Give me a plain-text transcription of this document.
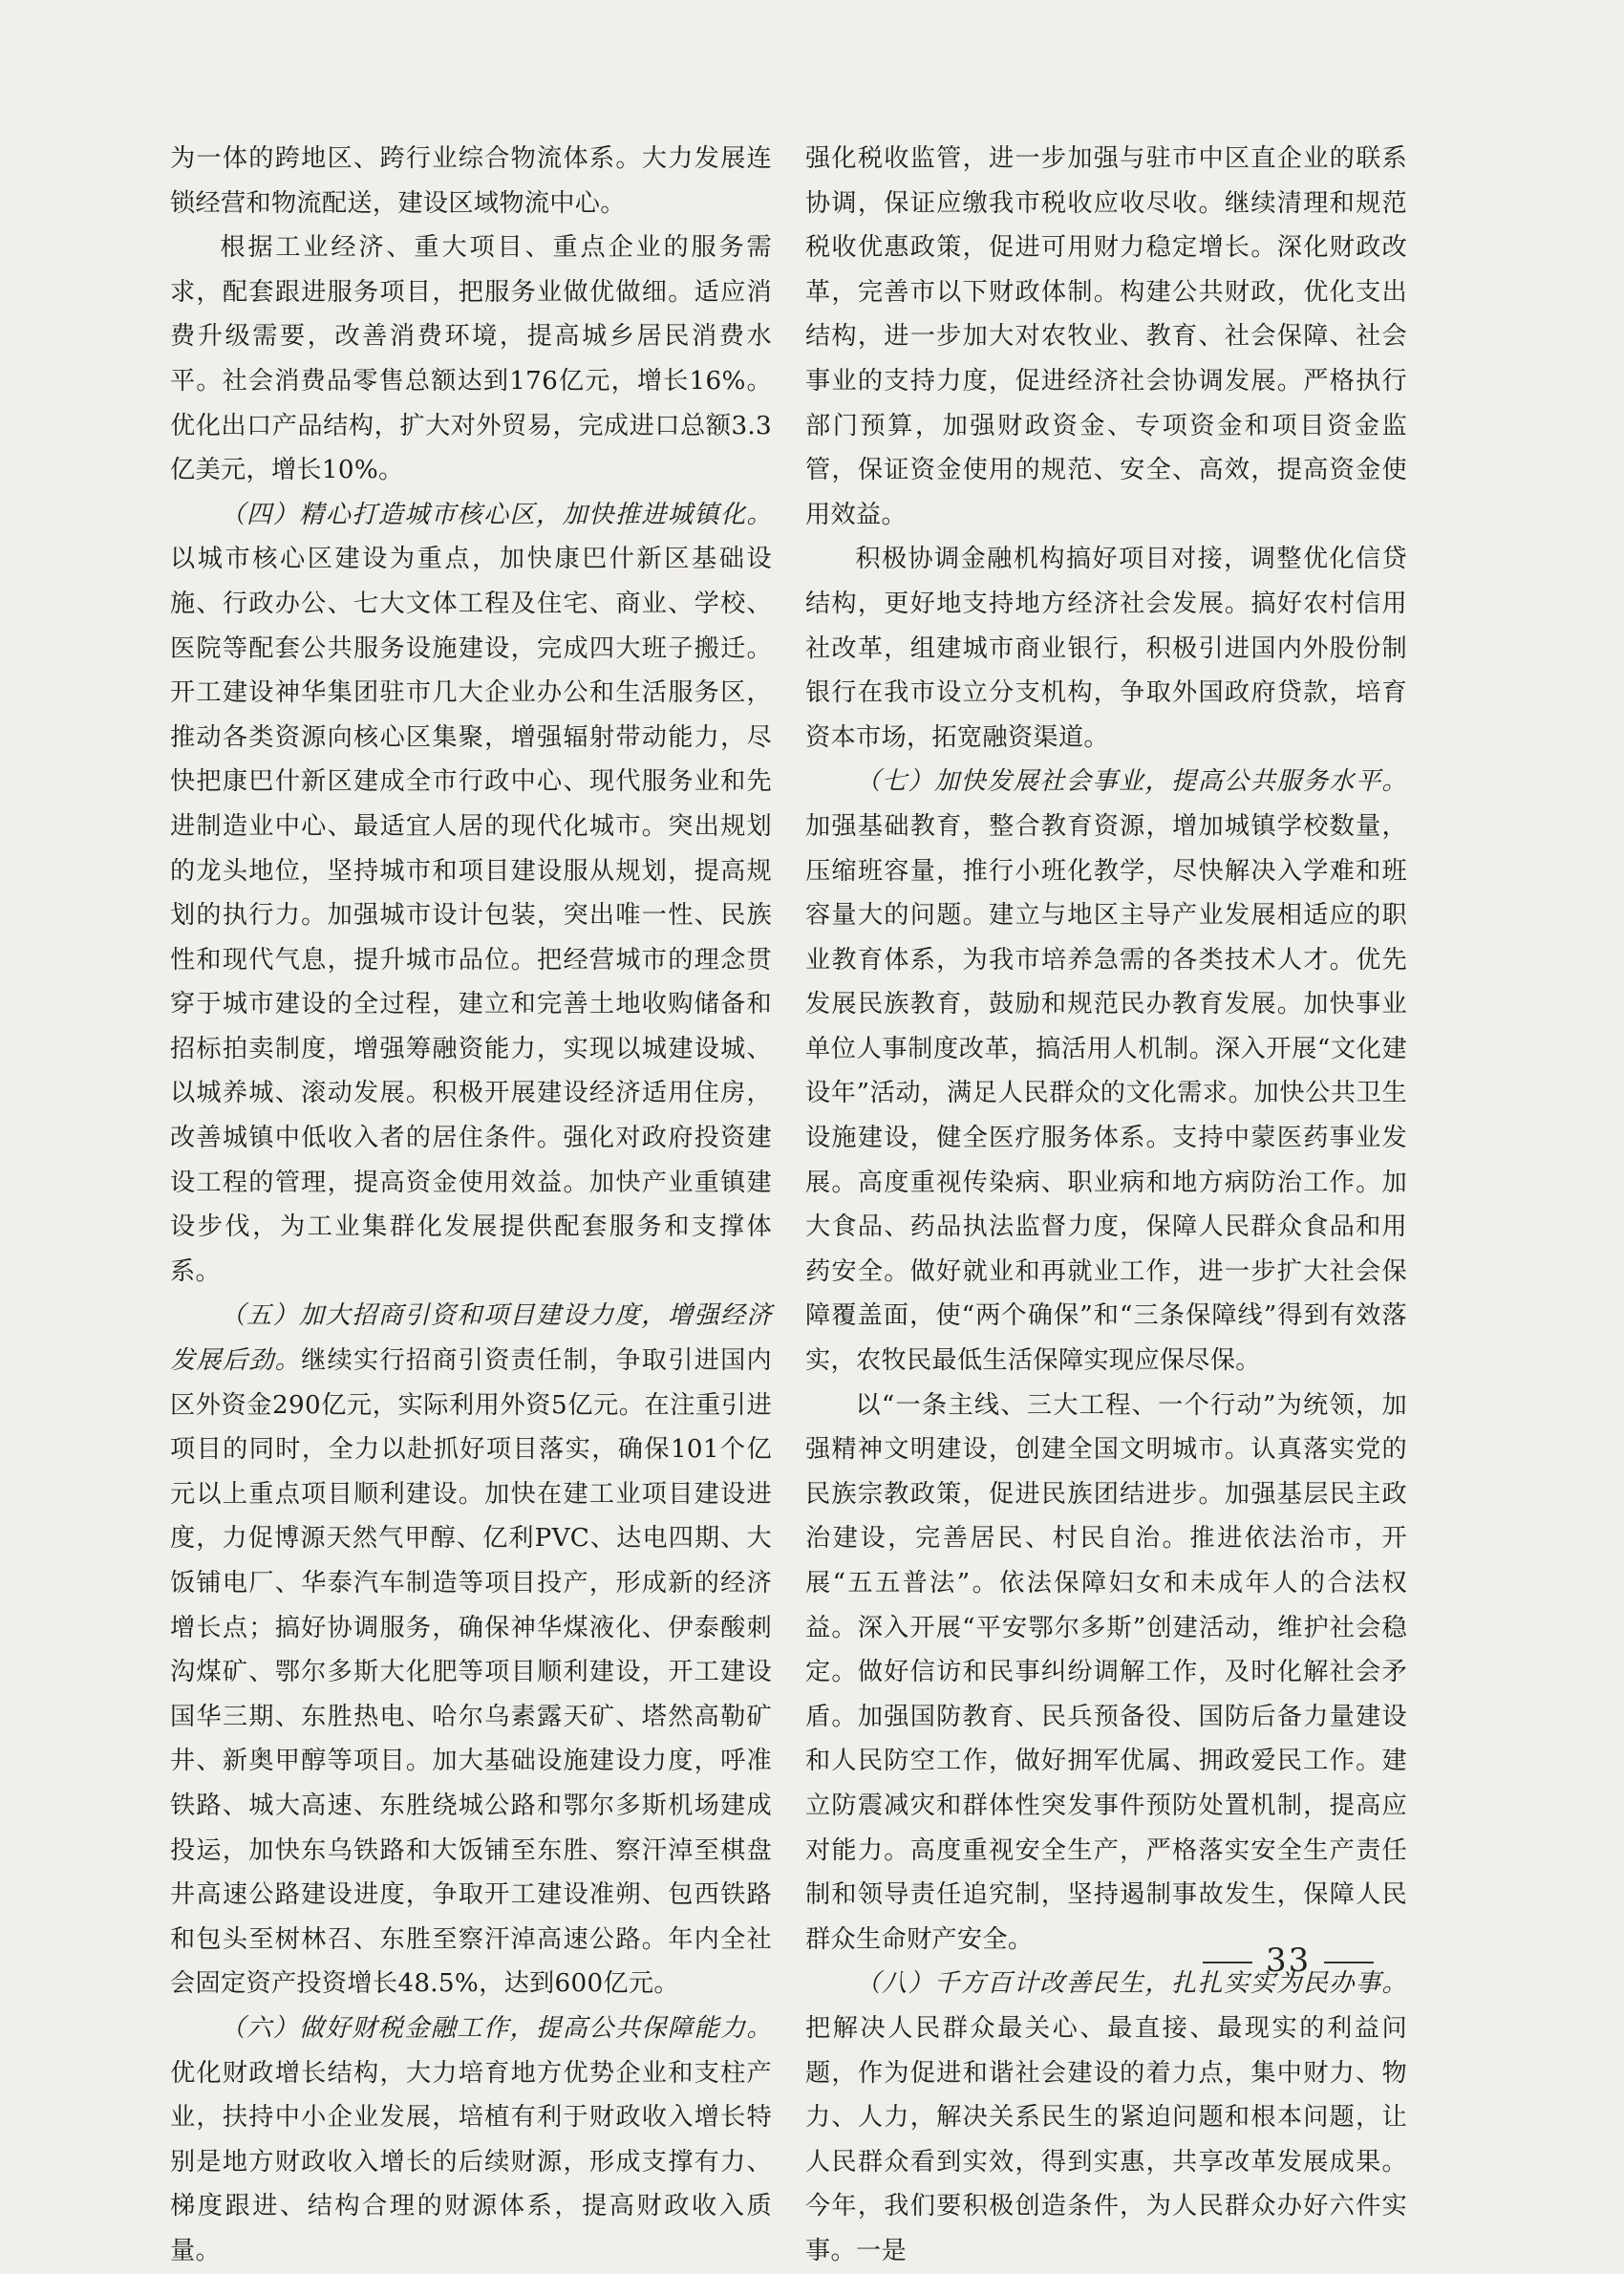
为一体的跨地区、跨行业综合物流体系。大力发展连锁经营和物流配送，建设区域物流中心。

根据工业经济、重大项目、重点企业的服务需求，配套跟进服务项目，把服务业做优做细。适应消费升级需要，改善消费环境，提高城乡居民消费水平。社会消费品零售总额达到176亿元，增长16%。优化出口产品结构，扩大对外贸易，完成进口总额3.3亿美元，增长10%。

（四）精心打造城市核心区，加快推进城镇化。以城市核心区建设为重点，加快康巴什新区基础设施、行政办公、七大文体工程及住宅、商业、学校、医院等配套公共服务设施建设，完成四大班子搬迁。开工建设神华集团驻市几大企业办公和生活服务区，推动各类资源向核心区集聚，增强辐射带动能力，尽快把康巴什新区建成全市行政中心、现代服务业和先进制造业中心、最适宜人居的现代化城市。突出规划的龙头地位，坚持城市和项目建设服从规划，提高规划的执行力。加强城市设计包装，突出唯一性、民族性和现代气息，提升城市品位。把经营城市的理念贯穿于城市建设的全过程，建立和完善土地收购储备和招标拍卖制度，增强筹融资能力，实现以城建设城、以城养城、滚动发展。积极开展建设经济适用住房，改善城镇中低收入者的居住条件。强化对政府投资建设工程的管理，提高资金使用效益。加快产业重镇建设步伐，为工业集群化发展提供配套服务和支撑体系。

（五）加大招商引资和项目建设力度，增强经济发展后劲。继续实行招商引资责任制，争取引进国内区外资金290亿元，实际利用外资5亿元。在注重引进项目的同时，全力以赴抓好项目落实，确保101个亿元以上重点项目顺利建设。加快在建工业项目建设进度，力促博源天然气甲醇、亿利PVC、达电四期、大饭铺电厂、华泰汽车制造等项目投产，形成新的经济增长点；搞好协调服务，确保神华煤液化、伊泰酸刺沟煤矿、鄂尔多斯大化肥等项目顺利建设，开工建设国华三期、东胜热电、哈尔乌素露天矿、塔然高勒矿井、新奥甲醇等项目。加大基础设施建设力度，呼准铁路、城大高速、东胜绕城公路和鄂尔多斯机场建成投运，加快东乌铁路和大饭铺至东胜、察汗淖至棋盘井高速公路建设进度，争取开工建设准朔、包西铁路和包头至树林召、东胜至察汗淖高速公路。年内全社会固定资产投资增长48.5%，达到600亿元。

（六）做好财税金融工作，提高公共保障能力。优化财政增长结构，大力培育地方优势企业和支柱产业，扶持中小企业发展，培植有利于财政收入增长特别是地方财政收入增长的后续财源，形成支撑有力、梯度跟进、结构合理的财源体系，提高财政收入质量。

强化税收监管，进一步加强与驻市中区直企业的联系协调，保证应缴我市税收应收尽收。继续清理和规范税收优惠政策，促进可用财力稳定增长。深化财政改革，完善市以下财政体制。构建公共财政，优化支出结构，进一步加大对农牧业、教育、社会保障、社会事业的支持力度，促进经济社会协调发展。严格执行部门预算，加强财政资金、专项资金和项目资金监管，保证资金使用的规范、安全、高效，提高资金使用效益。

积极协调金融机构搞好项目对接，调整优化信贷结构，更好地支持地方经济社会发展。搞好农村信用社改革，组建城市商业银行，积极引进国内外股份制银行在我市设立分支机构，争取外国政府贷款，培育资本市场，拓宽融资渠道。

（七）加快发展社会事业，提高公共服务水平。加强基础教育，整合教育资源，增加城镇学校数量，压缩班容量，推行小班化教学，尽快解决入学难和班容量大的问题。建立与地区主导产业发展相适应的职业教育体系，为我市培养急需的各类技术人才。优先发展民族教育，鼓励和规范民办教育发展。加快事业单位人事制度改革，搞活用人机制。深入开展“文化建设年”活动，满足人民群众的文化需求。加快公共卫生设施建设，健全医疗服务体系。支持中蒙医药事业发展。高度重视传染病、职业病和地方病防治工作。加大食品、药品执法监督力度，保障人民群众食品和用药安全。做好就业和再就业工作，进一步扩大社会保障覆盖面，使“两个确保”和“三条保障线”得到有效落实，农牧民最低生活保障实现应保尽保。

以“一条主线、三大工程、一个行动”为统领，加强精神文明建设，创建全国文明城市。认真落实党的民族宗教政策，促进民族团结进步。加强基层民主政治建设，完善居民、村民自治。推进依法治市，开展“五五普法”。依法保障妇女和未成年人的合法权益。深入开展“平安鄂尔多斯”创建活动，维护社会稳定。做好信访和民事纠纷调解工作，及时化解社会矛盾。加强国防教育、民兵预备役、国防后备力量建设和人民防空工作，做好拥军优属、拥政爱民工作。建立防震减灾和群体性突发事件预防处置机制，提高应对能力。高度重视安全生产，严格落实安全生产责任制和领导责任追究制，坚持遏制事故发生，保障人民群众生命财产安全。

（八）千方百计改善民生，扎扎实实为民办事。把解决人民群众最关心、最直接、最现实的利益问题，作为促进和谐社会建设的着力点，集中财力、物力、人力，解决关系民生的紧迫问题和根本问题，让人民群众看到实效，得到实惠，共享改革发展成果。今年，我们要积极创造条件，为人民群众办好六件实事。一是

33
